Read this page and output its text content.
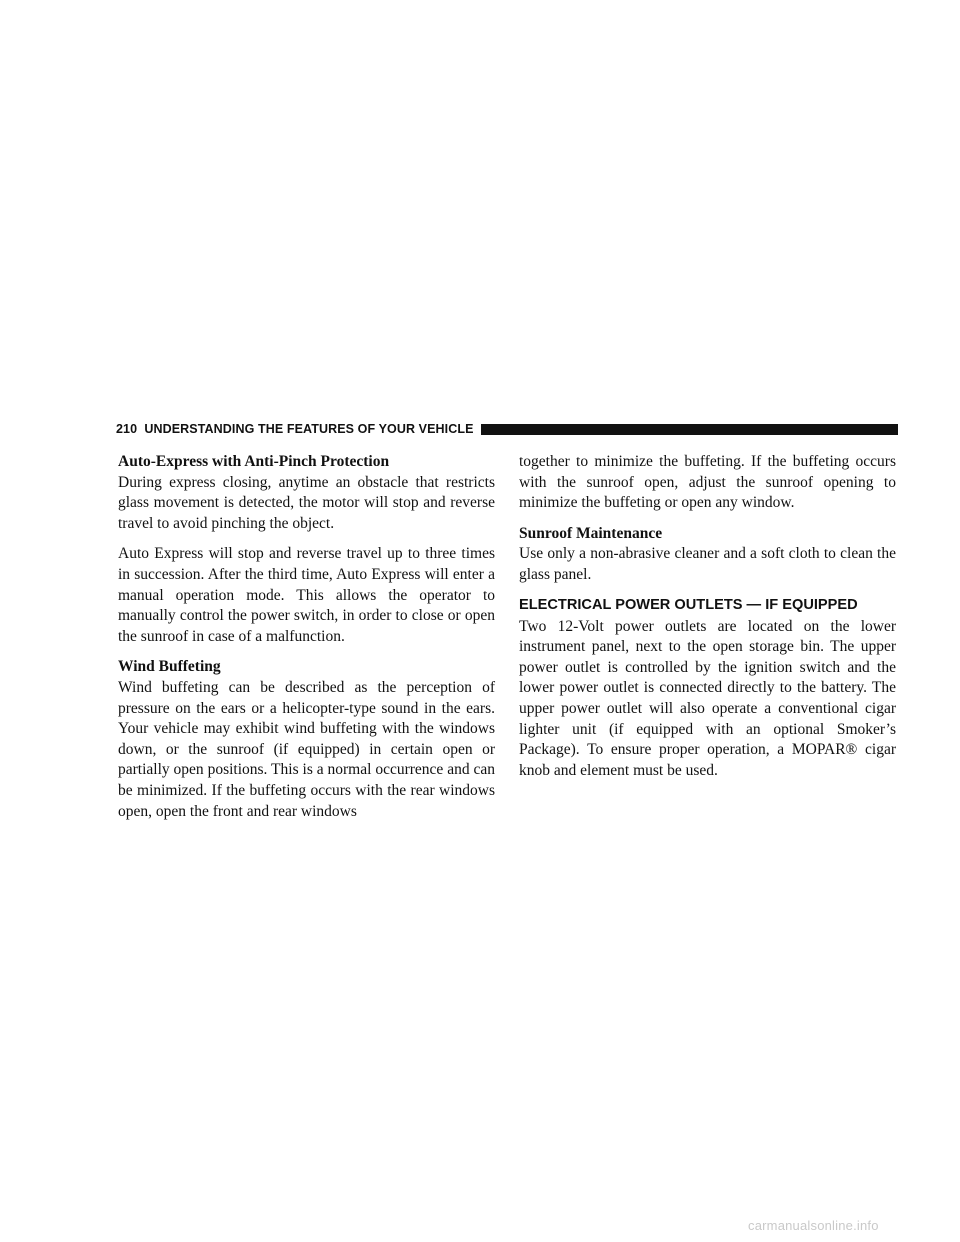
210 UNDERSTANDING THE FEATURES OF YOUR VEHICLE
Auto-Express with Anti-Pinch Protection

During express closing, anytime an obstacle that restricts glass movement is detected, the motor will stop and reverse travel to avoid pinching the object.

Auto Express will stop and reverse travel up to three times in succession. After the third time, Auto Express will enter a manual operation mode. This allows the operator to manually control the power switch, in order to close or open the sunroof in case of a malfunction.

Wind Buffeting

Wind buffeting can be described as the perception of pressure on the ears or a helicopter-type sound in the ears. Your vehicle may exhibit wind buffeting with the windows down, or the sunroof (if equipped) in certain open or partially open positions. This is a normal occurrence and can be minimized. If the buffeting occurs with the rear windows open, open the front and rear windows

together to minimize the buffeting. If the buffeting occurs with the sunroof open, adjust the sunroof opening to minimize the buffeting or open any window.

Sunroof Maintenance

Use only a non-abrasive cleaner and a soft cloth to clean the glass panel.

ELECTRICAL POWER OUTLETS — IF EQUIPPED

Two 12-Volt power outlets are located on the lower instrument panel, next to the open storage bin. The upper power outlet is controlled by the ignition switch and the lower power outlet is connected directly to the battery. The upper power outlet will also operate a conventional cigar lighter unit (if equipped with an optional Smoker’s Package). To ensure proper operation, a MOPAR® cigar knob and element must be used.

carmanualsonline.info
